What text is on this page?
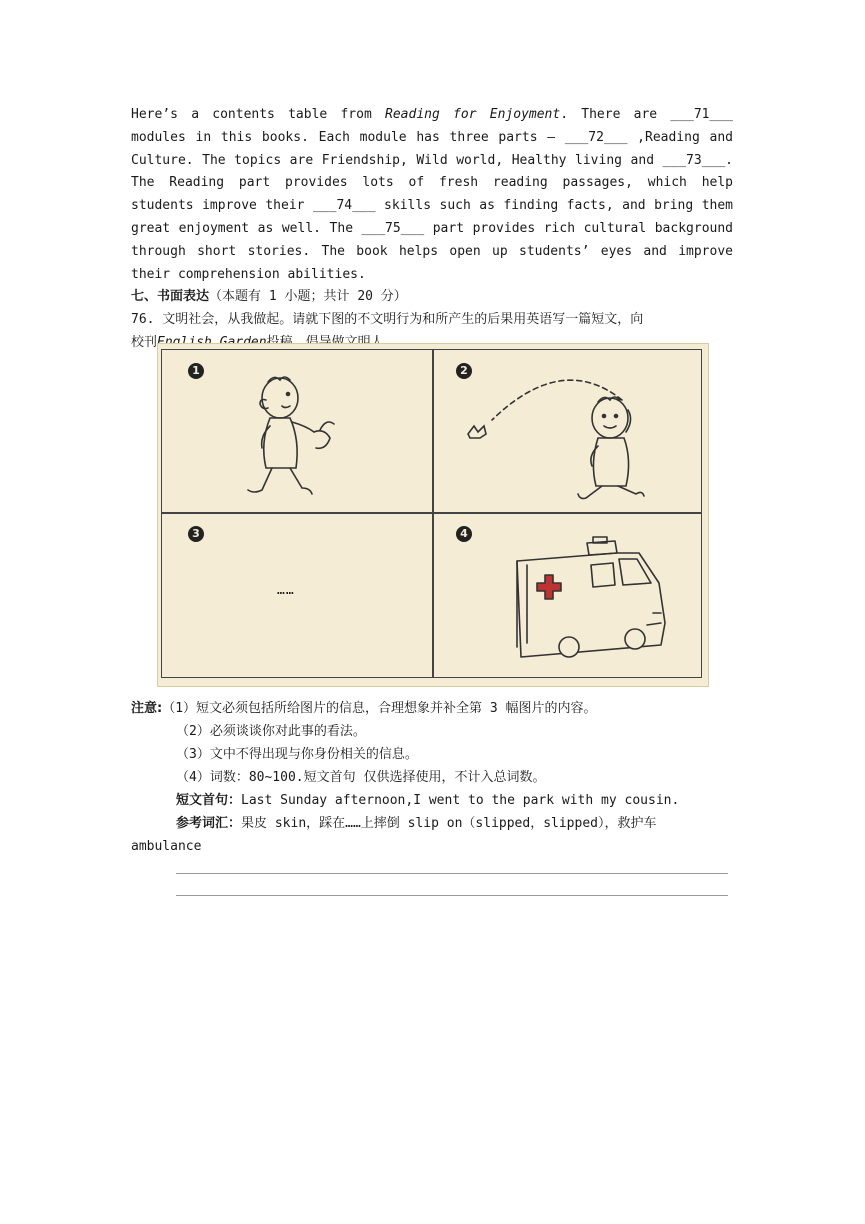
Here’s a contents table from Reading for Enjoyment. There are ___71___ modules in this books. Each module has three parts — ___72___ ,Reading and Culture. The topics are Friendship, Wild world, Healthy living and ___73___. The Reading part provides lots of fresh reading passages, which help students improve their ___74___ skills such as finding facts, and bring them great enjoyment as well. The ___75___ part provides rich cultural background through short stories. The book helps open up students’ eyes and improve their comprehension abilities.

七、书面表达（本题有 1 小题；共计 20 分）

76. 文明社会，从我做起。请就下图的不文明行为和所产生的后果用英语写一篇短文，向
校刊

1	2
3
……
4

注意:（1）短文必须包括所给图片的信息，合理想象并补全第 3 幅图片的内容。

（2）必须谈谈你对此事的看法。

（3）文中不得出现与你身份相关的信息。

（4）词数：80~100.短文首句 仅供选择使用，不计入总词数。

短文首句：Last Sunday afternoon,I went to the park with my cousin.

参考词汇：果皮 skin，踩在……上摔倒 slip on（slipped，slipped），救护车

ambulance
